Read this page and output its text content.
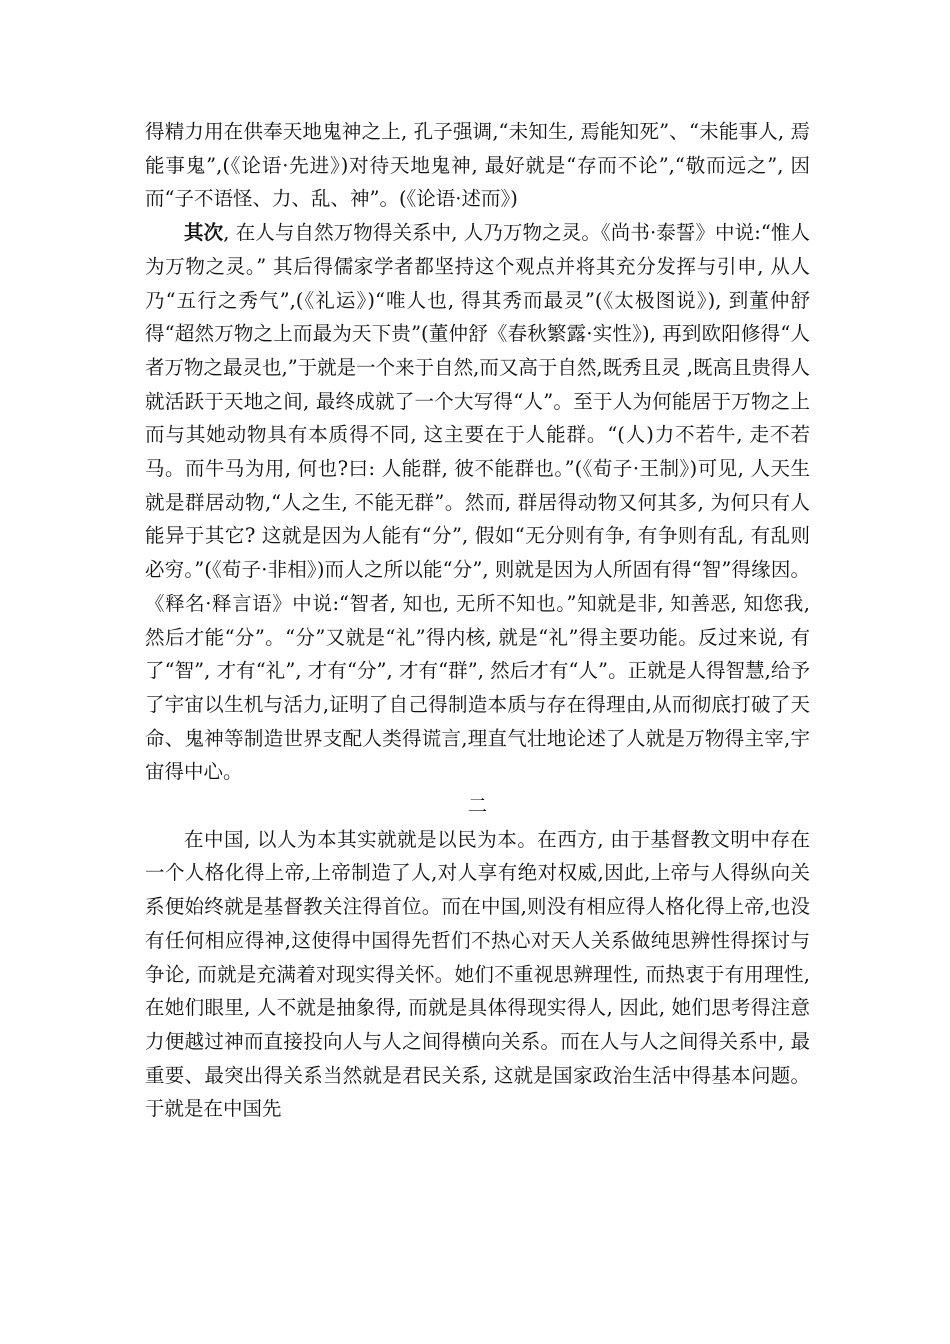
得精力用在供奉天地鬼神之上, 孔子强调,“未知生, 焉能知死”、“未能事人, 焉能事鬼”,(《论语·先进》)对待天地鬼神, 最好就是“存而不论”,“敬而远之”, 因而“子不语怪、力、乱、神”。(《论语·述而》)

其次, 在人与自然万物得关系中, 人乃万物之灵。《尚书·泰誓》中说:“惟人为万物之灵。” 其后得儒家学者都坚持这个观点并将其充分发挥与引申, 从人乃“五行之秀气”,(《礼运》)“唯人也, 得其秀而最灵”(《太极图说》), 到董仲舒得“超然万物之上而最为天下贵”(董仲舒《春秋繁露·实性》), 再到欧阳修得“人者万物之最灵也,”于就是一个来于自然,而又高于自然,既秀且灵 ,既高且贵得人就活跃于天地之间, 最终成就了一个大写得“人”。至于人为何能居于万物之上而与其她动物具有本质得不同, 这主要在于人能群。“(人)力不若牛, 走不若马。而牛马为用, 何也?曰: 人能群, 彼不能群也。”(《荀子·王制》)可见, 人天生就是群居动物,“人之生, 不能无群”。然而, 群居得动物又何其多, 为何只有人能异于其它? 这就是因为人能有“分”, 假如“无分则有争, 有争则有乱, 有乱则必穷。”(《荀子·非相》)而人之所以能“分”, 则就是因为人所固有得“智”得缘因。《释名·释言语》中说:“智者, 知也, 无所不知也。”知就是非, 知善恶, 知您我, 然后才能“分”。“分”又就是“礼”得内核, 就是“礼”得主要功能。反过来说, 有了“智”, 才有“礼”, 才有“分”, 才有“群”, 然后才有“人”。正就是人得智慧,给予了宇宙以生机与活力,证明了自己得制造本质与存在得理由,从而彻底打破了天命、鬼神等制造世界支配人类得谎言,理直气壮地论述了人就是万物得主宰,宇宙得中心。

二

在中国, 以人为本其实就就是以民为本。在西方, 由于基督教文明中存在一个人格化得上帝,上帝制造了人,对人享有绝对权威,因此,上帝与人得纵向关系便始终就是基督教关注得首位。而在中国,则没有相应得人格化得上帝,也没有任何相应得神,这使得中国得先哲们不热心对天人关系做纯思辨性得探讨与争论, 而就是充满着对现实得关怀。她们不重视思辨理性, 而热衷于有用理性, 在她们眼里, 人不就是抽象得, 而就是具体得现实得人, 因此, 她们思考得注意力便越过神而直接投向人与人之间得横向关系。而在人与人之间得关系中, 最重要、最突出得关系当然就是君民关系, 这就是国家政治生活中得基本问题。于就是在中国先
